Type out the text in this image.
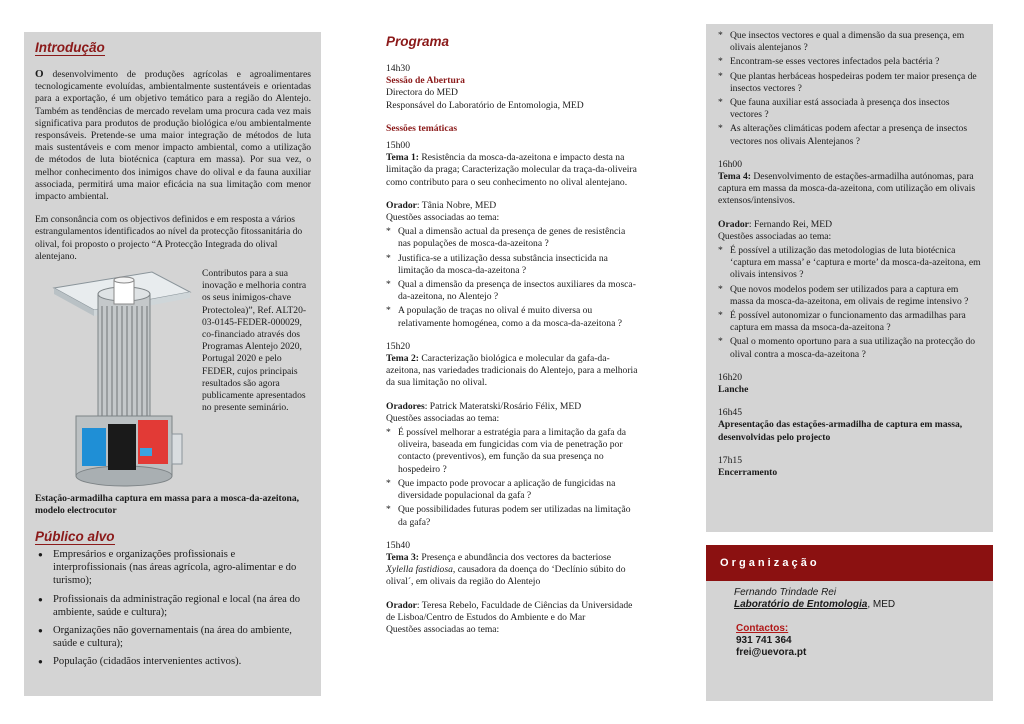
Introdução
O desenvolvimento de produções agrícolas e agroalimentares tecnologicamente evoluídas, ambientalmente sustentáveis e orientadas para a exportação, é um objetivo temático para a região do Alentejo. Também as tendências de mercado revelam uma procura cada vez mais significativa para produtos de produção biológica e/ou ambientalmente responsáveis. Pretende-se uma maior integração de métodos de luta mais sustentáveis e com menor impacto ambiental, como a utilização de métodos de luta biotécnica (captura em massa). Por sua vez, o melhor conhecimento dos inimigos chave do olival e da fauna auxiliar associada, permitirá uma maior eficácia na sua limitação com menor impacto ambiental.
Em consonância com os objectivos definidos e em resposta a vários estrangulamentos identificados ao nível da protecção fitossanitária do olival, foi proposto o projecto “A Protecção Integrada do olival alentejano.
Contributos para a sua inovação e melhoria contra os seus inimigos-chave Protectolea)”, Ref. ALT20-03-0145-FEDER-000029, co-financiado através dos Programas Alentejo 2020, Portugal 2020 e pelo FEDER, cujos principais resultados são agora publicamente apresentados no presente seminário.
Estação-armadilha captura em massa para a mosca-da-azeitona, modelo electrocutor
Público alvo
● Empresários e organizações profissionais e interprofissionais (nas áreas agrícola, agro-alimentar e do turismo);
● Profissionais da administração regional e local (na área do ambiente, saúde e cultura);
● Organizações não governamentais (na área do ambiente, saúde e cultura);
● População (cidadãos intervenientes activos).
Programa

14h30

Sessão de Abertura

Directora do MED

Responsável do Laboratório de Entomologia, MED

Sessões temáticas

15h00

Tema 1: Resistência da mosca-da-azeitona e impacto desta na limitação da praga; Caracterização molecular da traça-da-oliveira como contributo para o seu conhecimento no olival alentejano.

Orador: Tânia Nobre, MED

Questões associadas ao tema:

* Qual a dimensão actual da presença de genes de resistência nas populações de mosca-da-azeitona ?
* Justifica-se a utilização dessa substância insecticida na limitação da mosca-da-azeitona ?
* Qual a dimensão da presença de insectos auxiliares da mosca-da-azeitona, no Alentejo ?
* A população de traças no olival é muito diversa ou relativamente homogénea, como a da mosca-da-azeitona ?

15h20

Tema 2: Caracterização biológica e molecular da gafa-da-azeitona, nas variedades tradicionais do Alentejo, para a melhoria da sua limitação no olival.

Oradores: Patrick Materatski/Rosário Félix, MED

Questões associadas ao tema:

* É possível melhorar a estratégia para a limitação da gafa da oliveira, baseada em fungicidas com via de penetração por contacto (preventivos), em função da sua presença no hospedeiro ?
* Que impacto pode provocar a aplicação de fungicidas na diversidade populacional da gafa ?
* Que possibilidades futuras podem ser utilizadas na limitação da gafa?

15h40

Tema 3: Presença e abundância dos vectores da bacteriose Xylella fastidiosa, causadora da doença do ‘Declínio súbito do olival´, em olivais da região do Alentejo

Orador: Teresa Rebelo, Faculdade de Ciências da Universidade de Lisboa/Centro de Estudos do Ambiente e do Mar

Questões associadas ao tema:

* Que insectos vectores e qual a dimensão da sua presença, em olivais alentejanos ?
* Encontram-se esses vectores infectados pela bactéria ?
* Que plantas herbáceas hospedeiras podem ter maior presença de insectos vectores ?
* Que fauna auxiliar está associada à presença dos insectos vectores ?
* As alterações climáticas podem afectar a presença de insectos vectores nos olivais Alentejanos ?

16h00

Tema 4: Desenvolvimento de estações-armadilha autónomas, para captura em massa da mosca-da-azeitona, com utilização em olivais extensos/intensivos.

Orador: Fernando Rei, MED

Questões associadas ao tema:

* É possível a utilização das metodologias de luta biotécnica ‘captura em massa’ e ‘captura e morte’ da mosca-da-azeitona, em olivais intensivos ?
* Que novos modelos podem ser utilizados para a captura em massa da mosca-da-azeitona, em olivais de regime intensivo ?
* É possível autonomizar o funcionamento das armadilhas para captura em massa da msoca-da-azeitona ?
* Qual o momento oportuno para a sua utilização na protecção do olival contra a mosca-da-azeitona ?

16h20

Lanche

16h45

Apresentação das estações-armadilha de captura em massa, desenvolvidas pelo projecto

17h15

Encerramento

O r g a n i z a ç ã o

Fernando Trindade Rei

Laboratório de Entomologia, MED

Contactos:

931 741 364

frei@uevora.pt
